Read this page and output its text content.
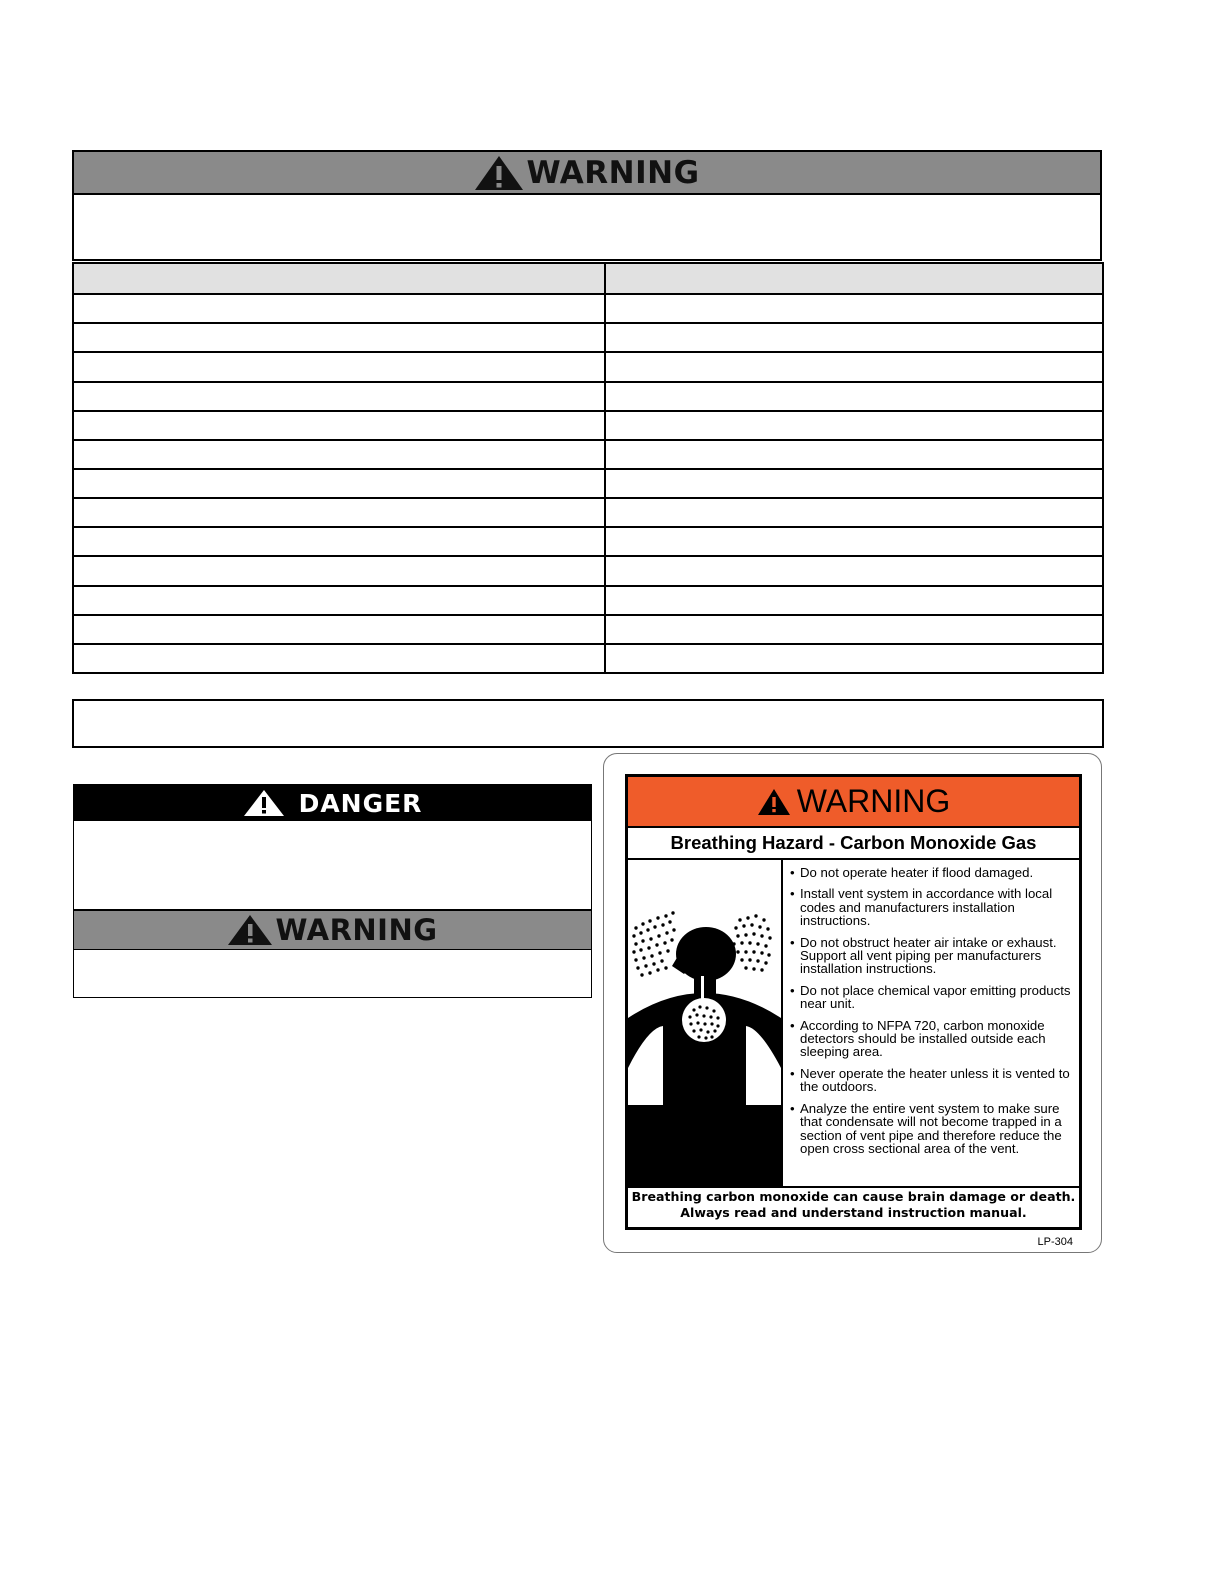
WARNING

DANGER
WARNING
WARNING
Breathing Hazard - Carbon Monoxide Gas
• Do not operate heater if flood damaged.
• Install vent system in accordance with local codes and manufacturers installation instructions.
• Do not obstruct heater air intake or exhaust. Support all vent piping per manufacturers installation instructions.
• Do not place chemical vapor emitting products near unit.
• According to NFPA 720, carbon monoxide detectors should be installed outside each sleeping area.
• Never operate the heater unless it is vented to the outdoors.
• Analyze the entire vent system to make sure that condensate will not become trapped in a section of vent pipe and therefore reduce the open cross sectional area of the vent.
Breathing carbon monoxide can cause brain damage or death.
Always read and understand instruction manual.
LP-304
